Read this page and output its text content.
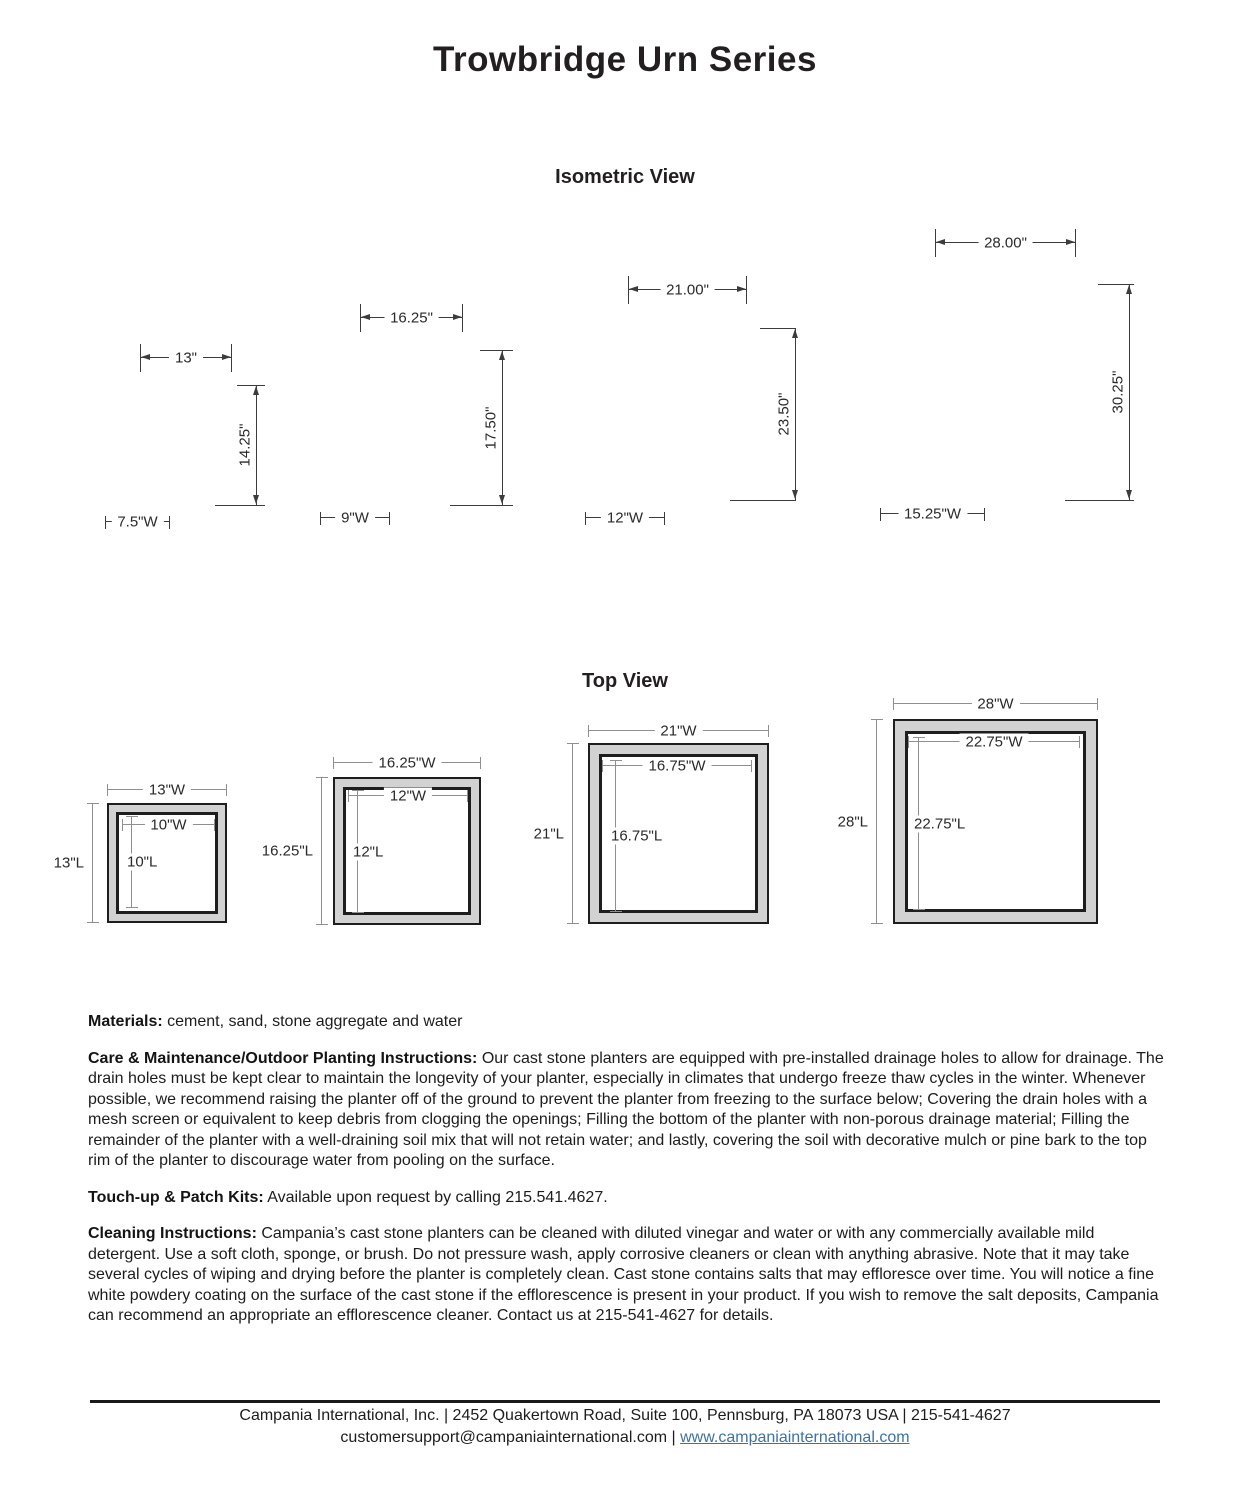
Trowbridge Urn Series
Isometric View
13"
14.25"
7.5"W
16.25"
17.50"
9"W
21.00"
23.50"
12"W
28.00"
30.25"
15.25"W
Top View
13"W
13"L
10"W
10"L
16.25"W
16.25"L
12"W
12"L
21"W
21"L
16.75"W
16.75"L
28"W
28"L
22.75"W
22.75"L

Materials: cement, sand, stone aggregate and water

Care & Maintenance/Outdoor Planting Instructions: Our cast stone planters are equipped with pre-installed drainage holes to allow for drainage. The drain holes must be kept clear to maintain the longevity of your planter, especially in climates that undergo freeze thaw cycles in the winter. Whenever possible, we recommend raising the planter off of the ground to prevent the planter from freezing to the surface below; Covering the drain holes with a mesh screen or equivalent to keep debris from clogging the openings; Filling the bottom of the planter with non-porous drainage material; Filling the remainder of the planter with a well-draining soil mix that will not retain water; and lastly, covering the soil with decorative mulch or pine bark to the top rim of the planter to discourage water from pooling on the surface.

Touch-up & Patch Kits: Available upon request by calling 215.541.4627.

Cleaning Instructions: Campania’s cast stone planters can be cleaned with diluted vinegar and water or with any commercially available mild detergent. Use a soft cloth, sponge, or brush. Do not pressure wash, apply corrosive cleaners or clean with anything abrasive. Note that it may take several cycles of wiping and drying before the planter is completely clean. Cast stone contains salts that may effloresce over time. You will notice a fine white powdery coating on the surface of the cast stone if the efflorescence is present in your product. If you wish to remove the salt deposits, Campania can recommend an appropriate an efflorescence cleaner. Contact us at 215-541-4627 for details.

Campania International, Inc. | 2452 Quakertown Road, Suite 100, Pennsburg, PA 18073 USA | 215-541-4627
customersupport@campaniainternational.com | www.campaniainternational.com
